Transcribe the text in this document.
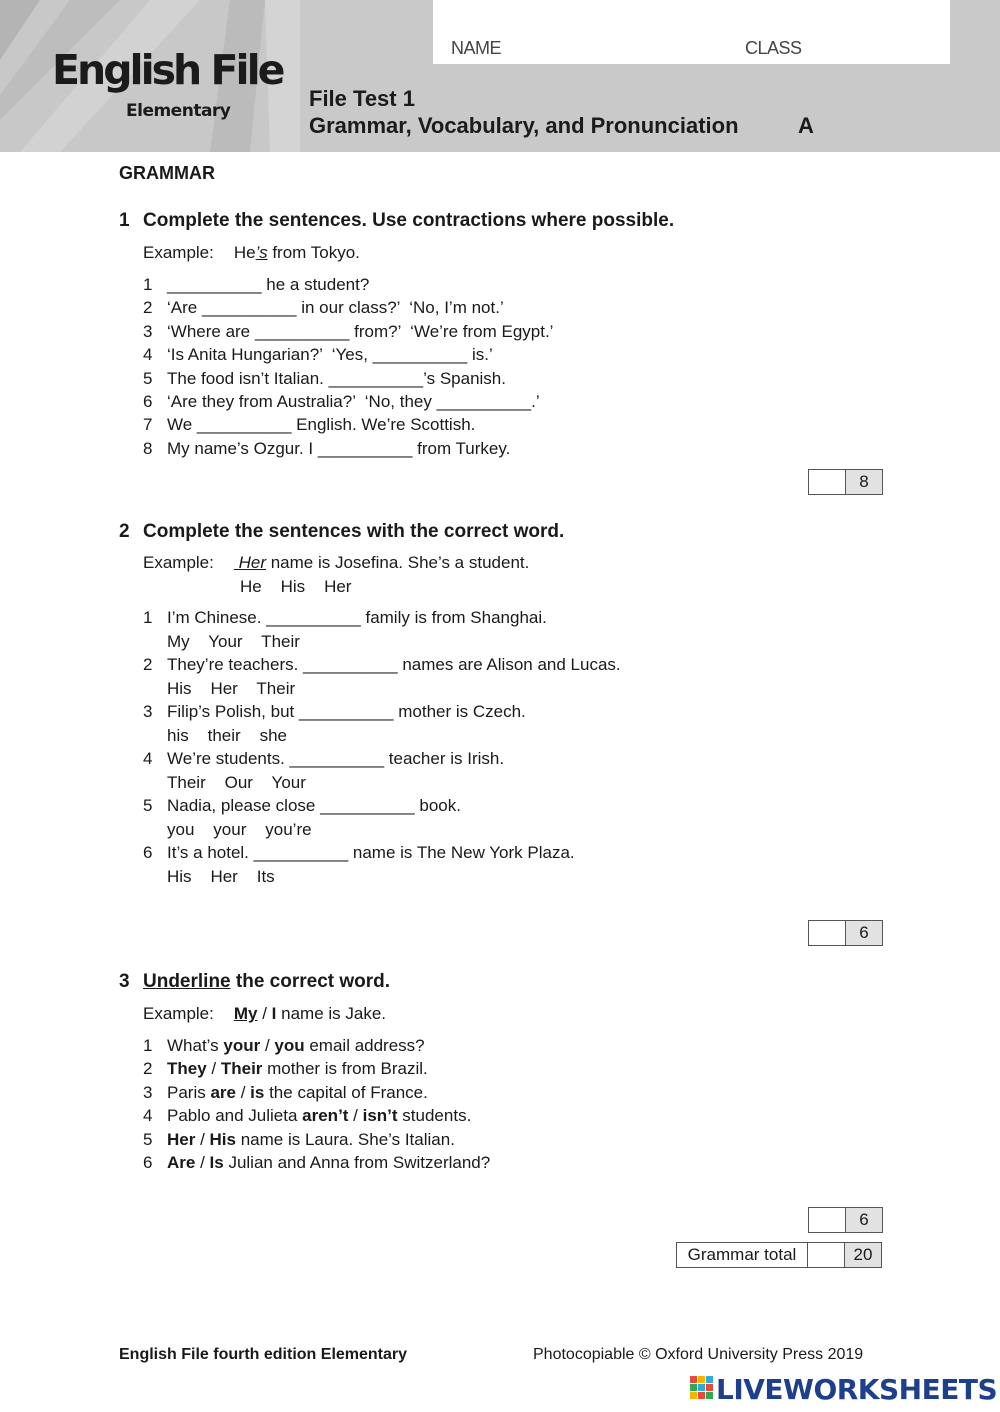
NAME	CLASS
English File
Elementary	File Test 1
Grammar, Vocabulary, and Pronunciation	A
GRAMMAR
1 Complete the sentences. Use contractions where possible.
Example: He’s from Tokyo.
1 __________ he a student?
2 ‘Are __________ in our class?’  ‘No, I’m not.’
3 ‘Where are __________ from?’  ‘We’re from Egypt.’
4 ‘Is Anita Hungarian?’  ‘Yes, __________ is.’
5 The food isn’t Italian. __________’s Spanish.
6 ‘Are they from Australia?’  ‘No, they __________.’
7 We __________ English. We’re Scottish.
8 My name’s Ozgur. I __________ from Turkey.
8
2 Complete the sentences with the correct word.
Example: Her name is Josefina. She’s a student.
He    His    Her
1 I’m Chinese. __________ family is from Shanghai.
My    Your    Their
2 They’re teachers. __________ names are Alison and Lucas.
His    Her    Their
3 Filip’s Polish, but __________ mother is Czech.
his    their    she
4 We’re students. __________ teacher is Irish.
Their    Our    Your
5 Nadia, please close __________ book.
you    your    you’re
6 It’s a hotel. __________ name is The New York Plaza.
His    Her    Its
6
3 Underline the correct word.
Example: My / I name is Jake.
1 What’s your / you email address?
2 They / Their mother is from Brazil.
3 Paris are / is the capital of France.
4 Pablo and Julieta aren’t / isn’t students.
5 Her / His name is Laura. She’s Italian.
6 Are / Is Julian and Anna from Switzerland?
6
Grammar total	20
English File fourth edition Elementary	Photocopiable © Oxford University Press 2019
LIVEWORKSHEETS
